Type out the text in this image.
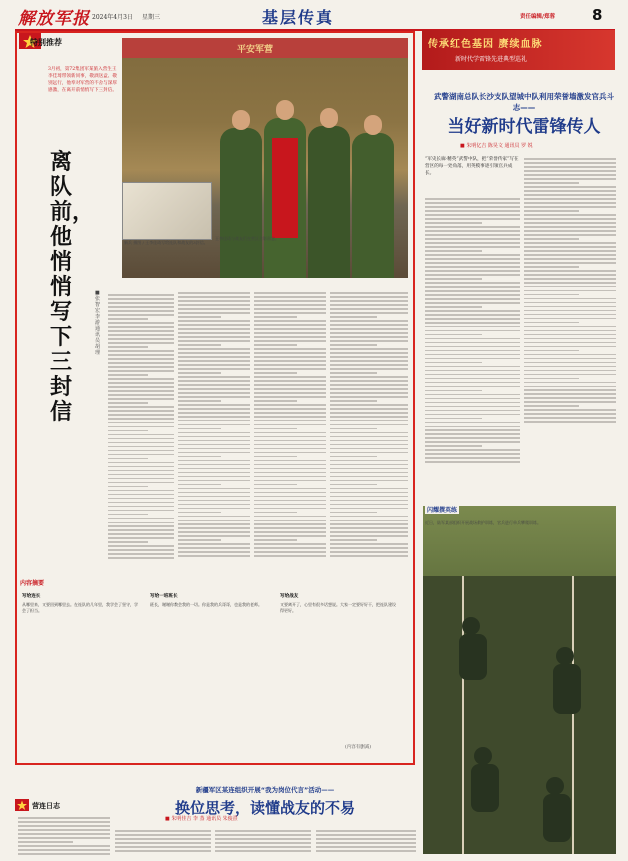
解放军报 2024年4月3日 星期三	基层传真	责任编辑/郑蓉 8
特别推荐
3月初，第72集团军某旅入营生王李佳琦带领新同事，敬酒送盒、敬别远行，他奉对军营的不舍与深厚感激，在离开前悄悄写下三封信。
离队前，他悄悄写下三封信
■ 张智宏 李游 通讯员 胡 理
平安军营
新兵 摄图 / 王李佳琦写给连队和战友的3封信。
王李佳琦与战友们在营区合影留念。
内容摘要
写给连长
从哪里来，又要回到哪里去。在连队的几年里，我学会了坚守，学会了担当。
写给一班班长
班长，谢谢你教会我的一切。你是我的兵哥哥，也是我的老师。
写给战友
又要离开了，心里有很多话想说。大家一定要好好干，把连队建设得更好。
(内容有删减)
传承红色基因 赓续血脉
新时代学雷锋先进典型巡礼
武警湖南总队长沙支队望城中队利用荣誉墙激发官兵斗志——
当好新时代雷锋传人
■ 朱明亿吉 陈昊文 通讯员 罗 锐
“军史长廊·精英”武警中队，把“荣誉传家”写在营区的每一处角落，用英模事迹引领官兵成长。
闪耀撰英练
近日，陆军某部组织开展战场救护训练，官兵进行单兵攀爬训练。
新疆军区某连组织开展“我为岗位代言”活动——
换位思考，读懂战友的不易
■ 朱明佳吉 李 蒸 通讯员 朱俊熹
营连日志
